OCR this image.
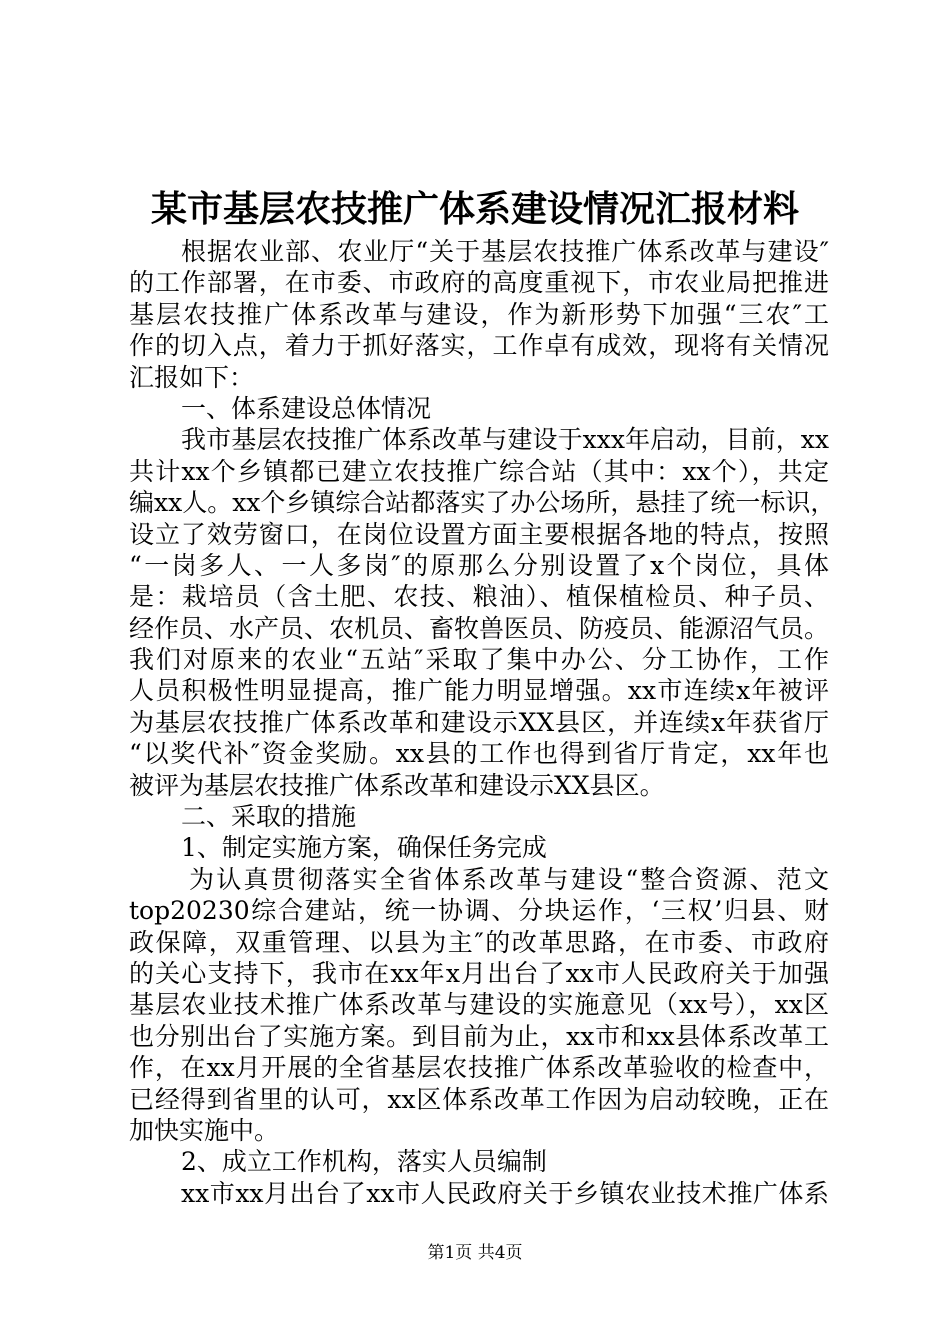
某市基层农技推广体系建设情况汇报材料
根据农业部、农业厅“关于基层农技推广体系改革与建设″
的工作部署，在市委、市政府的高度重视下，市农业局把推进
基层农技推广体系改革与建设，作为新形势下加强“三农″工
作的切入点，着力于抓好落实，工作卓有成效，现将有关情况
汇报如下：
一、体系建设总体情况
我市基层农技推广体系改革与建设于xxx年启动，目前，xx
共计xx个乡镇都已建立农技推广综合站（其中：xx个），共定
编xx人。xx个乡镇综合站都落实了办公场所，悬挂了统一标识，
设立了效劳窗口，在岗位设置方面主要根据各地的特点，按照
“一岗多人、一人多岗″的原那么分别设置了x个岗位，具体
是：栽培员（含土肥、农技、粮油）、植保植检员、种子员、
经作员、水产员、农机员、畜牧兽医员、防疫员、能源沼气员。
我们对原来的农业“五站″采取了集中办公、分工协作，工作
人员积极性明显提高，推广能力明显增强。xx市连续x年被评
为基层农技推广体系改革和建设示XX县区，并连续x年获省厅
“以奖代补″资金奖励。xx县的工作也得到省厅肯定，xx年也
被评为基层农技推广体系改革和建设示XX县区。
二、采取的措施
1、制定实施方案，确保任务完成
为认真贯彻落实全省体系改革与建设“整合资源、范文
top20230综合建站，统一协调、分块运作，‘三权’归县、财
政保障，双重管理、以县为主″的改革思路，在市委、市政府
的关心支持下，我市在xx年x月出台了xx市人民政府关于加强
基层农业技术推广体系改革与建设的实施意见（xx号），xx区
也分别出台了实施方案。到目前为止，xx市和xx县体系改革工
作，在xx月开展的全省基层农技推广体系改革验收的检查中，
已经得到省里的认可，xx区体系改革工作因为启动较晚，正在
加快实施中。
2、成立工作机构，落实人员编制
xx市xx月出台了xx市人民政府关于乡镇农业技术推广体系
第1页 共4页
